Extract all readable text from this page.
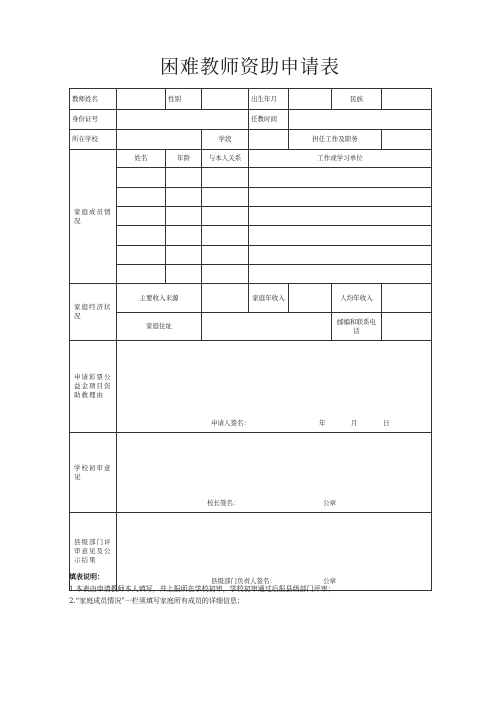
困难教师资助申请表
教师姓名		性别		出生年月		民族	
身份证号				任教时间			
所在学校			学段		担任工作及职务		
家庭成员情况	姓名	年龄	与本人关系	工作或学习单位			

家庭经济状况	主要收入来源			家庭年收入		人均年收入	
	家庭住址					邮编和联系电话	
申请彩票公益金项目资助救理由	申请人签名： 年 月 日						

学校初审意见	校长签名： 公章						

县级部门评审意见及公示结果	县级部门负责人签名： 公章						
填表说明：
1.本表由申请教师本人填写，并上报所在学校初审，学校初审通过后报县级部门评审；
2.“家庭成员情况”一栏须填写家庭所有成员的详细信息；
